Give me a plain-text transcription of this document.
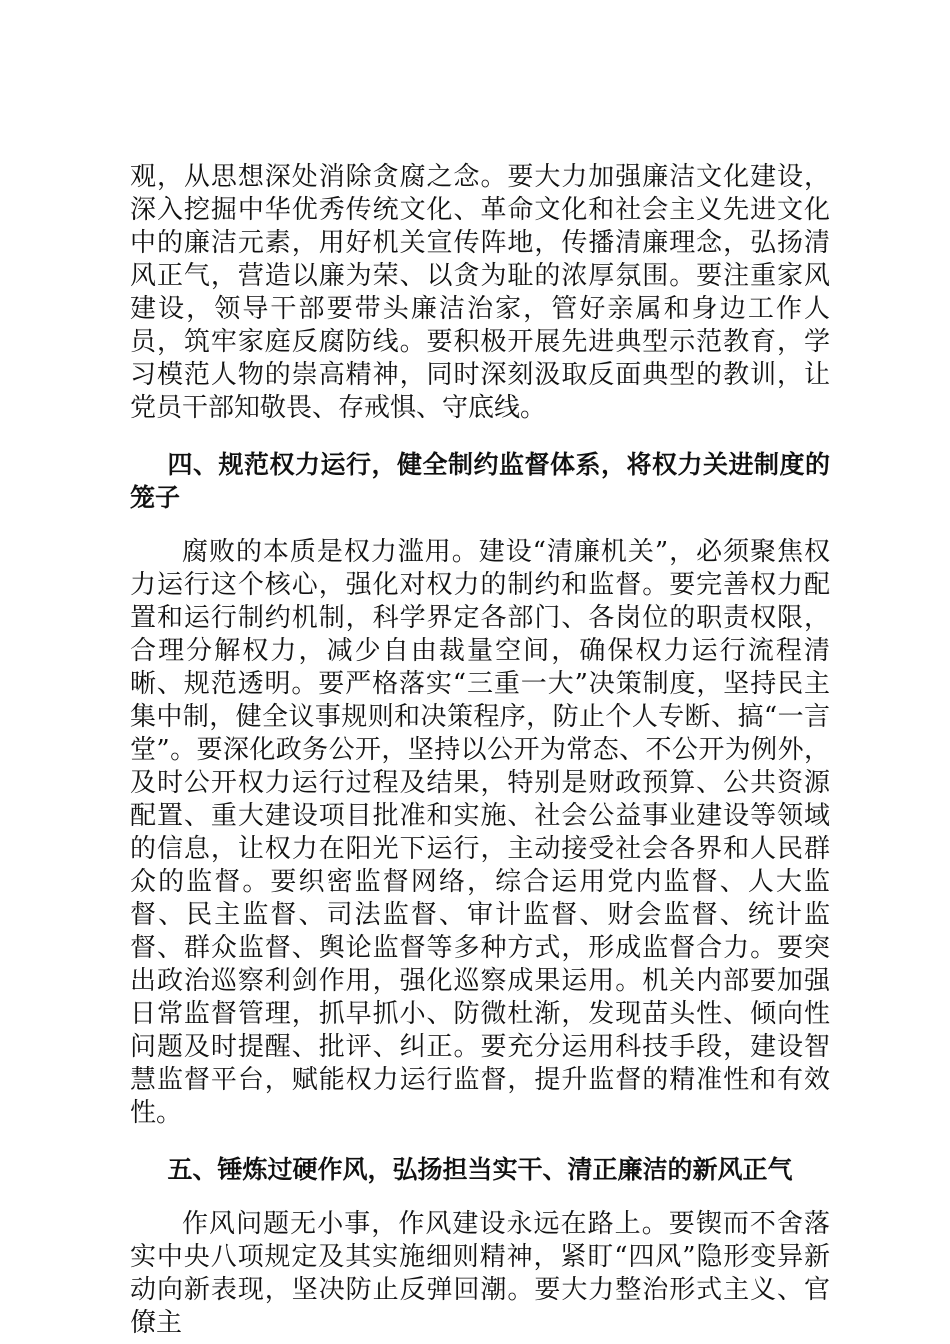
观，从思想深处消除贪腐之念。要大力加强廉洁文化建设，深入挖掘中华优秀传统文化、革命文化和社会主义先进文化中的廉洁元素，用好机关宣传阵地，传播清廉理念，弘扬清风正气，营造以廉为荣、以贪为耻的浓厚氛围。要注重家风建设，领导干部要带头廉洁治家，管好亲属和身边工作人员，筑牢家庭反腐防线。要积极开展先进典型示范教育，学习模范人物的崇高精神，同时深刻汲取反面典型的教训，让党员干部知敬畏、存戒惧、守底线。

四、规范权力运行，健全制约监督体系，将权力关进制度的笼子

腐败的本质是权力滥用。建设“清廉机关”，必须聚焦权力运行这个核心，强化对权力的制约和监督。要完善权力配置和运行制约机制，科学界定各部门、各岗位的职责权限，合理分解权力，减少自由裁量空间，确保权力运行流程清晰、规范透明。要严格落实“三重一大”决策制度，坚持民主集中制，健全议事规则和决策程序，防止个人专断、搞“一言堂”。要深化政务公开，坚持以公开为常态、不公开为例外，及时公开权力运行过程及结果，特别是财政预算、公共资源配置、重大建设项目批准和实施、社会公益事业建设等领域的信息，让权力在阳光下运行，主动接受社会各界和人民群众的监督。要织密监督网络，综合运用党内监督、人大监督、民主监督、司法监督、审计监督、财会监督、统计监督、群众监督、舆论监督等多种方式，形成监督合力。要突出政治巡察利剑作用，强化巡察成果运用。机关内部要加强日常监督管理，抓早抓小、防微杜渐，发现苗头性、倾向性问题及时提醒、批评、纠正。要充分运用科技手段，建设智慧监督平台，赋能权力运行监督，提升监督的精准性和有效性。

五、锤炼过硬作风，弘扬担当实干、清正廉洁的新风正气

作风问题无小事，作风建设永远在路上。要锲而不舍落实中央八项规定及其实施细则精神，紧盯“四风”隐形变异新动向新表现，坚决防止反弹回潮。要大力整治形式主义、官僚主
